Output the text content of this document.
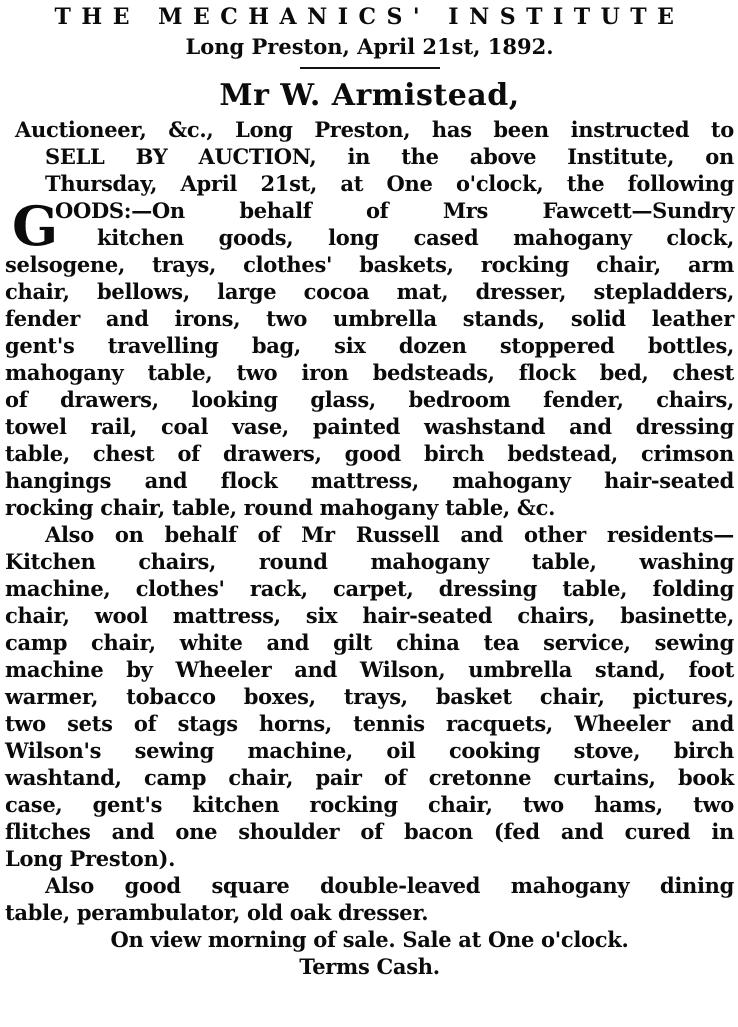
THE MECHANICS' INSTITUTE
Long Preston, April 21st, 1892.
Mr W. Armistead,
Auctioneer, &c., Long Preston, has been instructed to
SELL BY AUCTION, in the above Institute, on
Thursday, April 21st, at One o'clock, the following
G
OODS:—On behalf of Mrs Fawcett—Sundry
kitchen goods, long cased mahogany clock,
selsogene, trays, clothes' baskets, rocking chair, arm
chair, bellows, large cocoa mat, dresser, stepladders,
fender and irons, two umbrella stands, solid leather
gent's travelling bag, six dozen stoppered bottles,
mahogany table, two iron bedsteads, flock bed, chest
of drawers, looking glass, bedroom fender, chairs,
towel rail, coal vase, painted washstand and dressing
table, chest of drawers, good birch bedstead, crimson
hangings and flock mattress, mahogany hair-seated
rocking chair, table, round mahogany table, &c.
Also on behalf of Mr Russell and other residents—
Kitchen chairs, round mahogany table, washing
machine, clothes' rack, carpet, dressing table, folding
chair, wool mattress, six hair-seated chairs, basinette,
camp chair, white and gilt china tea service, sewing
machine by Wheeler and Wilson, umbrella stand, foot
warmer, tobacco boxes, trays, basket chair, pictures,
two sets of stags horns, tennis racquets, Wheeler and
Wilson's sewing machine, oil cooking stove, birch
washtand, camp chair, pair of cretonne curtains, book
case, gent's kitchen rocking chair, two hams, two
flitches and one shoulder of bacon (fed and cured in
Long Preston).
Also good square double-leaved mahogany dining
table, perambulator, old oak dresser.
On view morning of sale. Sale at One o'clock.
Terms Cash.
